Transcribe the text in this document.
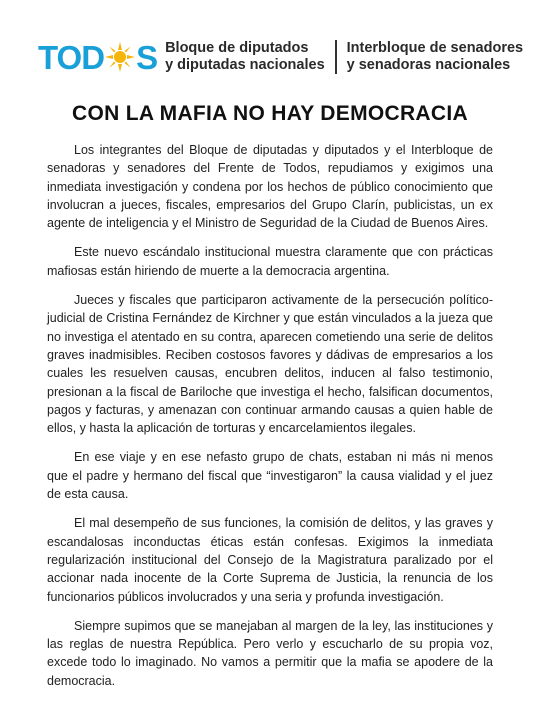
TOD S Bloque de diputados
y diputadas nacionales
Interbloque de senadores
y senadoras nacionales
CON LA MAFIA NO HAY DEMOCRACIA

Los integrantes del Bloque de diputadas y diputados y el Interbloque de senadoras y senadores del Frente de Todos, repudiamos y exigimos una inmediata investigación y condena por los hechos de público conocimiento que involucran a jueces, fiscales, empresarios del Grupo Clarín, publicistas, un ex agente de inteligencia y el Ministro de Seguridad de la Ciudad de Buenos Aires.

Este nuevo escándalo institucional muestra claramente que con prácticas mafiosas están hiriendo de muerte a la democracia argentina.

Jueces y fiscales que participaron activamente de la persecución político-judicial de Cristina Fernández de Kirchner y que están vinculados a la jueza que no investiga el atentado en su contra, aparecen cometiendo una serie de delitos graves inadmisibles. Reciben costosos favores y dádivas de empresarios a los cuales les resuelven causas, encubren delitos, inducen al falso testimonio, presionan a la fiscal de Bariloche que investiga el hecho, falsifican documentos, pagos y facturas, y amenazan con continuar armando causas a quien hable de ellos, y hasta la aplicación de torturas y encarcelamientos ilegales.

En ese viaje y en ese nefasto grupo de chats, estaban ni más ni menos que el padre y hermano del fiscal que “investigaron” la causa vialidad y el juez de esta causa.

El mal desempeño de sus funciones, la comisión de delitos, y las graves y escandalosas inconductas éticas están confesas. Exigimos la inmediata regularización institucional del Consejo de la Magistratura paralizado por el accionar nada inocente de la Corte Suprema de Justicia, la renuncia de los funcionarios públicos involucrados y una seria y profunda investigación.

Siempre supimos que se manejaban al margen de la ley, las instituciones y las reglas de nuestra República. Pero verlo y escucharlo de su propia voz, excede todo lo imaginado. No vamos a permitir que la mafia se apodere de la democracia.
